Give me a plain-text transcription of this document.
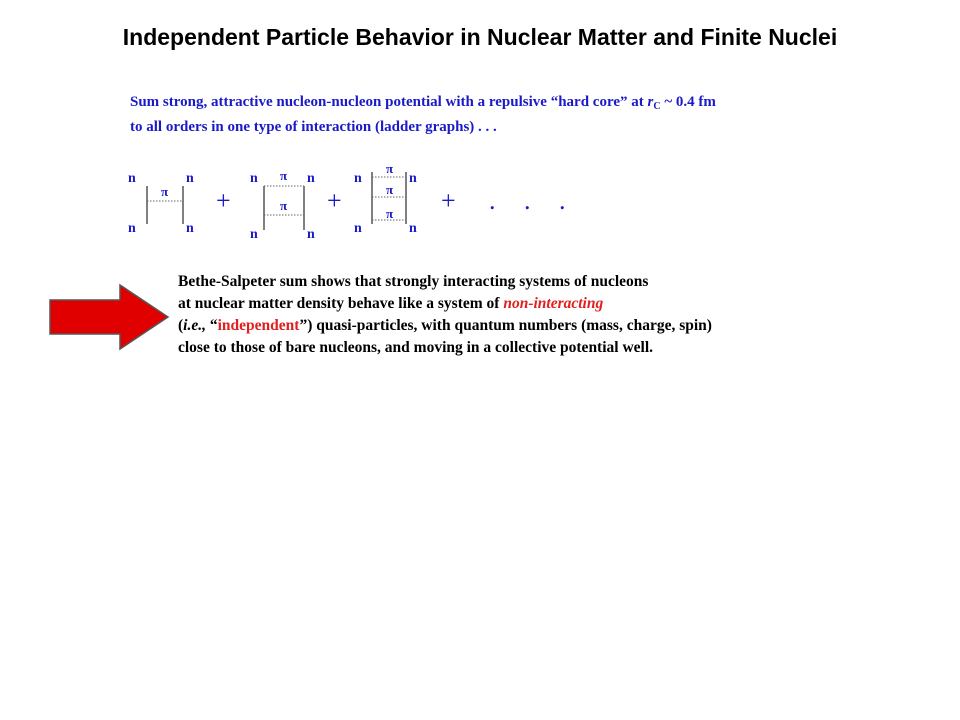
Independent Particle Behavior in Nuclear Matter and Finite Nuclei
Sum strong, attractive nucleon-nucleon potential with a repulsive “hard core” at $r_C$ ~ 0.4 fm
to all orders in one type of interaction (ladder graphs) . . .
n	n
π
n	n
+
n	n
π
π
n	n
+
n	n
π
π
π
n	n
+ . . .
Bethe-Salpeter sum shows that strongly interacting systems of nucleons
at nuclear matter density behave like a system of non-interacting
(i.e., “independent”) quasi-particles, with quantum numbers (mass, charge, spin)
close to those of bare nucleons, and moving in a collective potential well.
